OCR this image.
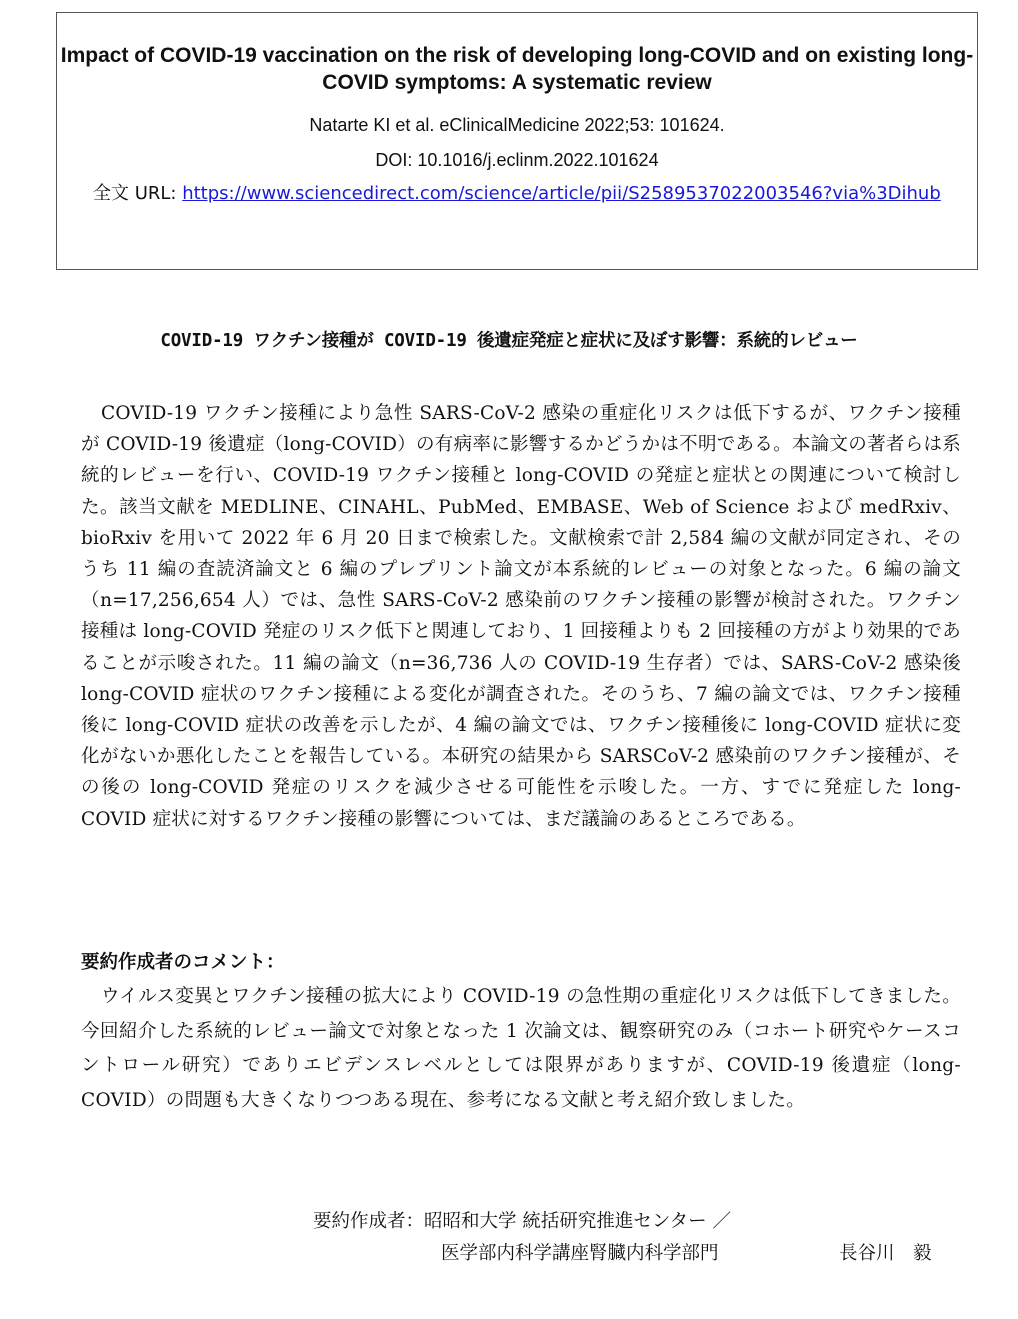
Impact of COVID-19 vaccination on the risk of developing long-COVID and on existing long-COVID symptoms: A systematic review

Natarte KI et al. eClinicalMedicine 2022;53: 101624.
DOI: 10.1016/j.eclinm.2022.101624
全文 URL: https://www.sciencedirect.com/science/article/pii/S2589537022003546?via%3Dihub
COVID-19 ワクチン接種が COVID-19 後遺症発症と症状に及ぼす影響：系統的レビュー

COVID-19 ワクチン接種により急性 SARS-CoV-2 感染の重症化リスクは低下するが、ワクチン接種が COVID-19 後遺症（long-COVID）の有病率に影響するかどうかは不明である。本論文の著者らは系統的レビューを行い、COVID-19 ワクチン接種と long-COVID の発症と症状との関連について検討した。該当文献を MEDLINE、CINAHL、PubMed、EMBASE、Web of Science および medRxiv、bioRxiv を用いて 2022 年 6 月 20 日まで検索した。文献検索で計 2,584 編の文献が同定され、そのうち 11 編の査読済論文と 6 編のプレプリント論文が本系統的レビューの対象となった。6 編の論文（n=17,256,654 人）では、急性 SARS-CoV-2 感染前のワクチン接種の影響が検討された。ワクチン接種は long-COVID 発症のリスク低下と関連しており、1 回接種よりも 2 回接種の方がより効果的であることが示唆された。11 編の論文（n=36,736 人の COVID-19 生存者）では、SARS-CoV-2 感染後 long-COVID 症状のワクチン接種による変化が調査された。そのうち、7 編の論文では、ワクチン接種後に long-COVID 症状の改善を示したが、4 編の論文では、ワクチン接種後に long-COVID 症状に変化がないか悪化したことを報告している。本研究の結果から SARSCoV-2 感染前のワクチン接種が、その後の long-COVID 発症のリスクを減少させる可能性を示唆した。一方、すでに発症した long-COVID 症状に対するワクチン接種の影響については、まだ議論のあるところである。

要約作成者のコメント：

ウイルス変異とワクチン接種の拡大により COVID-19 の急性期の重症化リスクは低下してきました。今回紹介した系統的レビュー論文で対象となった 1 次論文は、観察研究のみ（コホート研究やケースコントロール研究）でありエビデンスレベルとしては限界がありますが、COVID-19 後遺症（long-COVID）の問題も大きくなりつつある現在、参考になる文献と考え紹介致しました。

要約作成者：昭昭和大学 統括研究推進センター ／
医学部内科学講座腎臓内科学部門	長谷川　毅
